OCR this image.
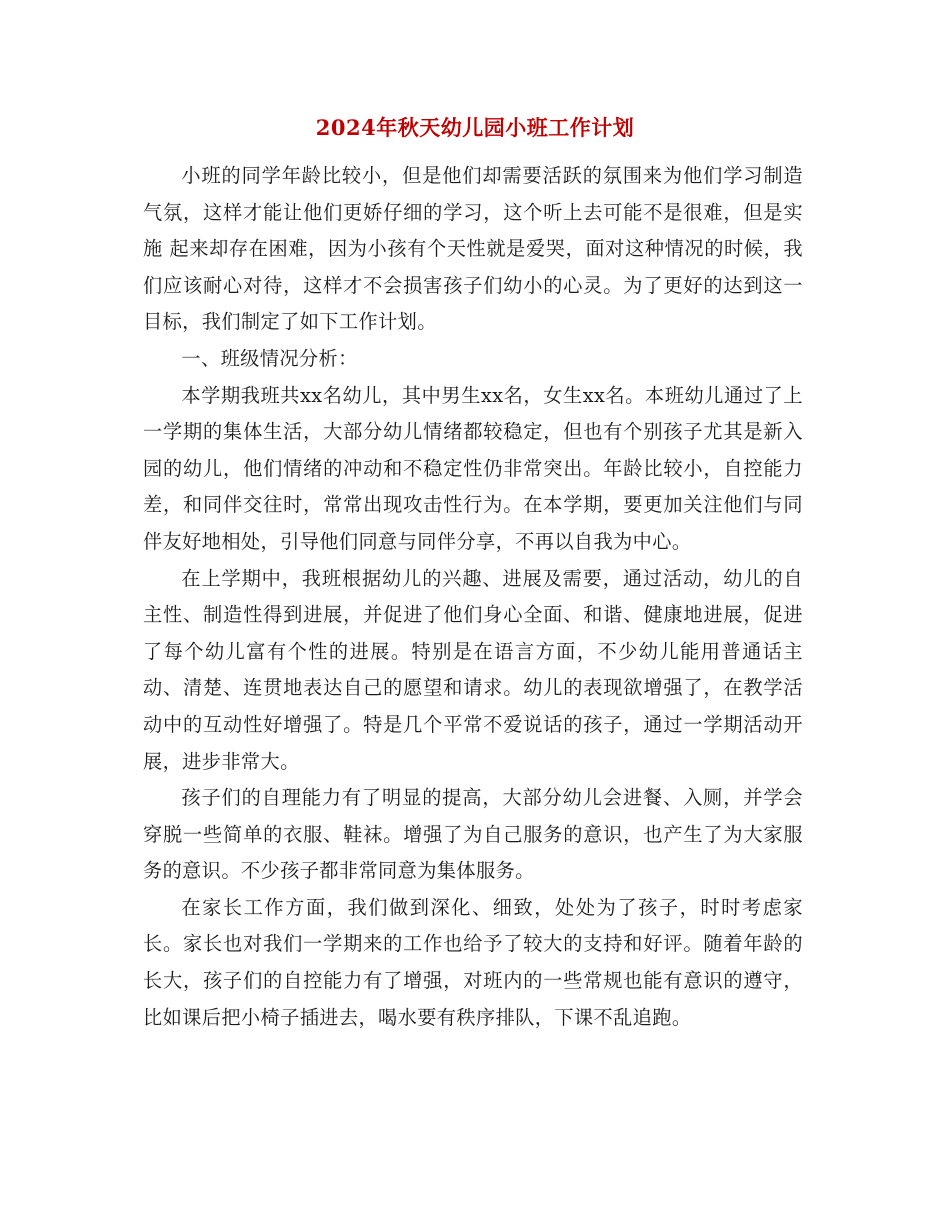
2024年秋天幼儿园小班工作计划

小班的同学年龄比较小，但是他们却需要活跃的氛围来为他们学习制造气氛，这样才能让他们更娇仔细的学习，这个听上去可能不是很难，但是实施 起来却存在困难，因为小孩有个天性就是爱哭，面对这种情况的时候，我们应该耐心对待，这样才不会损害孩子们幼小的心灵。为了更好的达到这一目标，我们制定了如下工作计划。

一、班级情况分析：

本学期我班共xx名幼儿，其中男生xx名，女生xx名。本班幼儿通过了上一学期的集体生活，大部分幼儿情绪都较稳定，但也有个别孩子尤其是新入园的幼儿，他们情绪的冲动和不稳定性仍非常突出。年龄比较小，自控能力差，和同伴交往时，常常出现攻击性行为。在本学期，要更加关注他们与同伴友好地相处，引导他们同意与同伴分享，不再以自我为中心。

在上学期中，我班根据幼儿的兴趣、进展及需要，通过活动，幼儿的自主性、制造性得到进展，并促进了他们身心全面、和谐、健康地进展，促进了每个幼儿富有个性的进展。特别是在语言方面，不少幼儿能用普通话主动、清楚、连贯地表达自己的愿望和请求。幼儿的表现欲增强了，在教学活动中的互动性好增强了。特是几个平常不爱说话的孩子，通过一学期活动开展，进步非常大。

孩子们的自理能力有了明显的提高，大部分幼儿会进餐、入厕，并学会穿脱一些简单的衣服、鞋袜。增强了为自己服务的意识，也产生了为大家服务的意识。不少孩子都非常同意为集体服务。

在家长工作方面，我们做到深化、细致，处处为了孩子，时时考虑家长。家长也对我们一学期来的工作也给予了较大的支持和好评。随着年龄的长大，孩子们的自控能力有了增强，对班内的一些常规也能有意识的遵守，比如课后把小椅子插进去，喝水要有秩序排队，下课不乱追跑。
